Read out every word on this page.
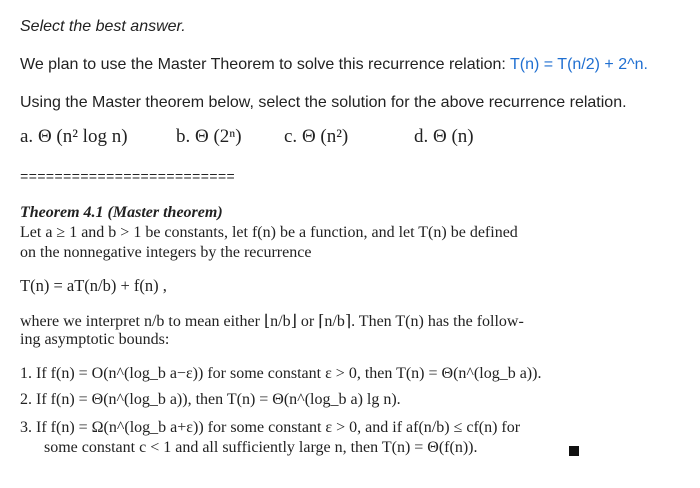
Select the best answer.
We plan to use the Master Theorem to solve this recurrence relation: T(n) = T(n/2) + 2^n.
Using the Master theorem below, select the solution for the above recurrence relation.
a. Θ (n² log n)	b. Θ (2ⁿ) c. Θ (n²)	d. Θ (n)
=========================
Theorem 4.1 (Master theorem)
Let a ≥ 1 and b > 1 be constants, let f(n) be a function, and let T(n) be defined
on the nonnegative integers by the recurrence
T(n) = aT(n/b) + f(n) ,
where we interpret n/b to mean either ⌊n/b⌋ or ⌈n/b⌉. Then T(n) has the follow-
ing asymptotic bounds:
1. If f(n) = O(n^(log_b a−ε)) for some constant ε > 0, then T(n) = Θ(n^(log_b a)).
2. If f(n) = Θ(n^(log_b a)), then T(n) = Θ(n^(log_b a) lg n).
3. If f(n) = Ω(n^(log_b a+ε)) for some constant ε > 0, and if af(n/b) ≤ cf(n) for
some constant c < 1 and all sufficiently large n, then T(n) = Θ(f(n)).
